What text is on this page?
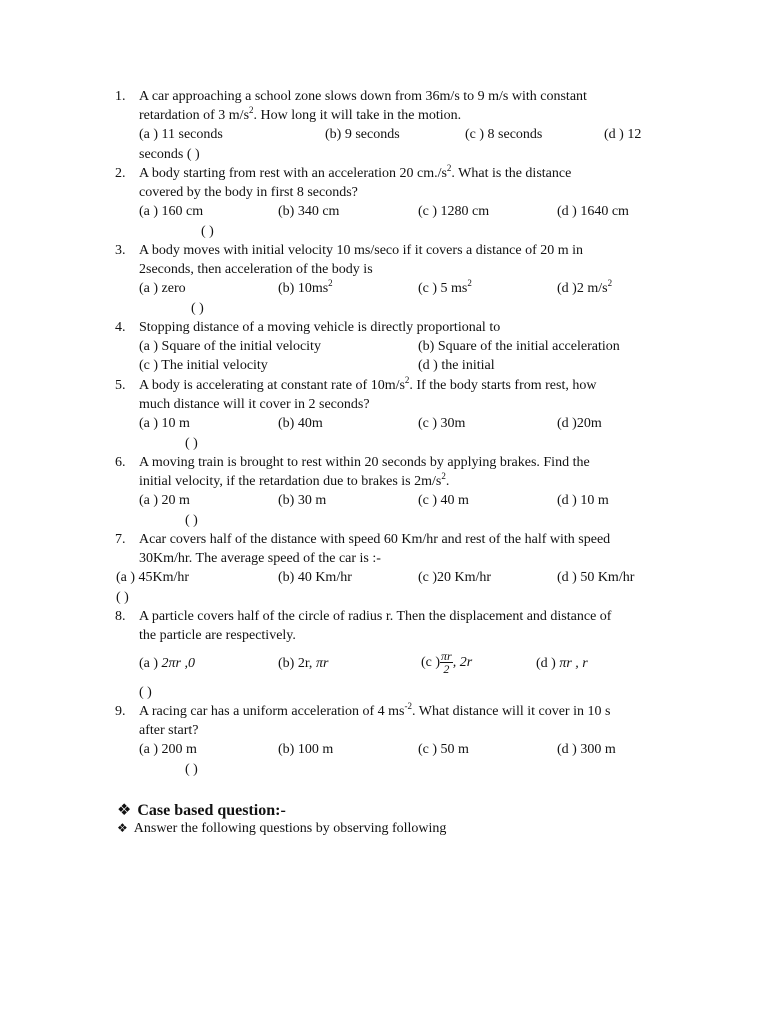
1. A car approaching a school zone slows down from 36m/s to 9 m/s with constant
retardation of 3 $m/s^2$. How long it will take in the motion.
(a ) 11 seconds	(b) 9 seconds	(c ) 8 seconds	(d ) 12
seconds ( )
2. A body starting from rest with an acceleration 20 $cm./s^2$. What is the distance
covered by the body in first 8 seconds?
(a ) 160 cm	(b) 340 cm	(c ) 1280 cm	(d ) 1640 cm
( )
3. A body moves with initial velocity 10 ms/seco if it covers a distance of 20 m in
2seconds, then acceleration of the body is
(a ) zero	(b) $10ms^2$	(c ) 5 $ms^2$	(d )2 $m/s^2$
( )
4. Stopping distance of a moving vehicle is directly proportional to
(a ) Square of the initial velocity	(b) Square of the initial acceleration
(c ) The initial velocity	(d ) the initial
5. A body is accelerating at constant rate of $10m/s^2$. If the body starts from rest, how
much distance will it cover in 2 seconds?
(a ) 10 m	(b) 40m	(c ) 30m	(d )20m
( )
6. A moving train is brought to rest within 20 seconds by applying brakes. Find the
initial velocity, if the retardation due to brakes is $2m/s^2$.
(a ) 20 m	(b) 30 m	(c ) 40 m	(d ) 10 m
( )
7. Acar covers half of the distance with speed 60 Km/hr and rest of the half with speed
30Km/hr. The average speed of the car is :-
(a ) 45Km/hr	(b) 40 Km/hr	(c )20 Km/hr	(d ) 50 Km/hr
( )
8. A particle covers half of the circle of radius r. Then the displacement and distance of
the particle are respectively.
(a ) 2πr ,0	(b) 2r, πr	(c ) $\frac{\pi r}{2}$ , 2r	(d ) πr , r
( )
9. A racing car has a uniform acceleration of 4 $ms^{-2}$. What distance will it cover in 10 s
after start?
(a ) 200 m	(b) 100 m	(c ) 50 m	(d ) 300 m
( )
❖ Case based question:-
❖ Answer the following questions by observing following
